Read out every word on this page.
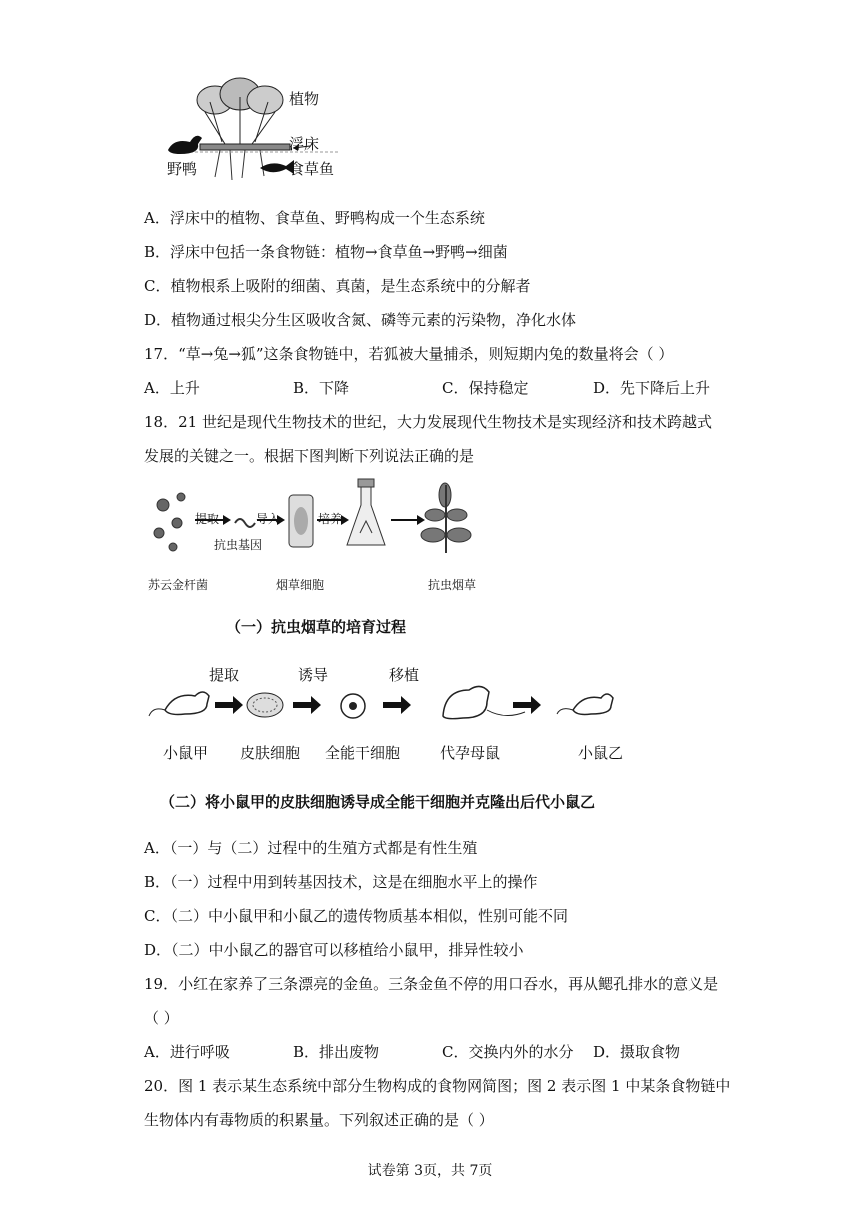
植物
浮床
野鸭	食草鱼
A．浮床中的植物、食草鱼、野鸭构成一个生态系统
B．浮床中包括一条食物链：植物→食草鱼→野鸭→细菌
C．植物根系上吸附的细菌、真菌，是生态系统中的分解者
D．植物通过根尖分生区吸收含氮、磷等元素的污染物，净化水体
17．“草→兔→狐”这条食物链中，若狐被大量捕杀，则短期内兔的数量将会（ ）
A．上升	B．下降	C．保持稳定	D．先下降后上升
18．21 世纪是现代生物技术的世纪，大力发展现代生物技术是实现经济和技术跨越式
发展的关键之一。根据下图判断下列说法正确的是
提取	导入	培养
抗虫基因
苏云金杆菌	烟草细胞	抗虫烟草
（一）抗虫烟草的培育过程
提取	诱导	移植
小鼠甲 皮肤细胞 全能干细胞	代孕母鼠	小鼠乙
（二）将小鼠甲的皮肤细胞诱导成全能干细胞并克隆出后代小鼠乙
A．（一）与（二）过程中的生殖方式都是有性生殖
B．（一）过程中用到转基因技术，这是在细胞水平上的操作
C．（二）中小鼠甲和小鼠乙的遗传物质基本相似，性别可能不同
D．（二）中小鼠乙的器官可以移植给小鼠甲，排异性较小
19．小红在家养了三条漂亮的金鱼。三条金鱼不停的用口吞水，再从鳃孔排水的意义是
（ ）
A．进行呼吸	B．排出废物	C．交换内外的水分 D．摄取食物
20．图 1 表示某生态系统中部分生物构成的食物网简图；图 2 表示图 1 中某条食物链中
生物体内有毒物质的积累量。下列叙述正确的是（ ）
试卷第 3页，共 7页
